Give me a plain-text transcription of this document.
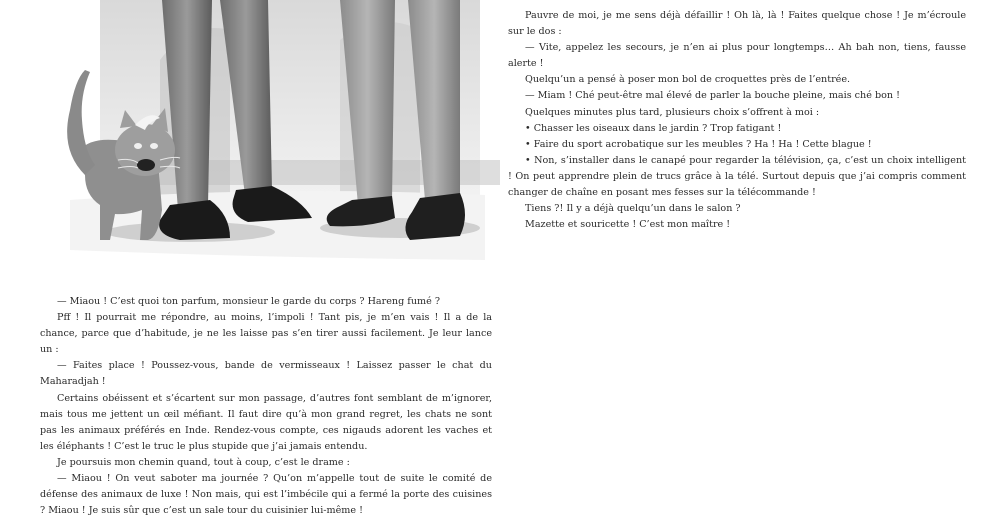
— Miaou ! C’est quoi ton parfum, monsieur le garde du corps ? Hareng fumé ?

Pff ! Il pourrait me répondre, au moins, l’impoli ! Tant pis, je m’en vais ! Il a de la chance, parce que d’habitude, je ne les laisse pas s’en tirer aussi facilement. Je leur lance un :

— Faites place ! Poussez-vous, bande de vermisseaux ! Laissez passer le chat du Maharadjah !

Certains obéissent et s’écartent sur mon passage, d’autres font semblant de m’ignorer, mais tous me jettent un œil méfiant. Il faut dire qu’à mon grand regret, les chats ne sont pas les animaux préférés en Inde. Rendez-vous compte, ces nigauds adorent les vaches et les éléphants ! C’est le truc le plus stupide que j’ai jamais entendu.

Je poursuis mon chemin quand, tout à coup, c’est le drame :

— Miaou ! On veut saboter ma journée ? Qu’on m’appelle tout de suite le comité de défense des animaux de luxe ! Non mais, qui est l’imbécile qui a fermé la porte des cuisines ? Miaou ! Je suis sûr que c’est un sale tour du cuisinier lui-même !

Pauvre de moi, je me sens déjà défaillir ! Oh là, là ! Faites quelque chose ! Je m’écroule sur le dos :

— Vite, appelez les secours, je n’en ai plus pour longtemps… Ah bah non, tiens, fausse alerte !

Quelqu’un a pensé à poser mon bol de croquettes près de l’entrée.

— Miam ! Ché peut-être mal élevé de parler la bouche pleine, mais ché bon !

Quelques minutes plus tard, plusieurs choix s’offrent à moi :

• Chasser les oiseaux dans le jardin ? Trop fatigant !

• Faire du sport acrobatique sur les meubles ? Ha ! Ha ! Cette blague !

• Non, s’installer dans le canapé pour regarder la télévision, ça, c’est un choix intelligent ! On peut apprendre plein de trucs grâce à la télé. Surtout depuis que j’ai compris comment changer de chaîne en posant mes fesses sur la télécommande !

Tiens ?! Il y a déjà quelqu’un dans le salon ?

Mazette et souricette ! C’est mon maître !
